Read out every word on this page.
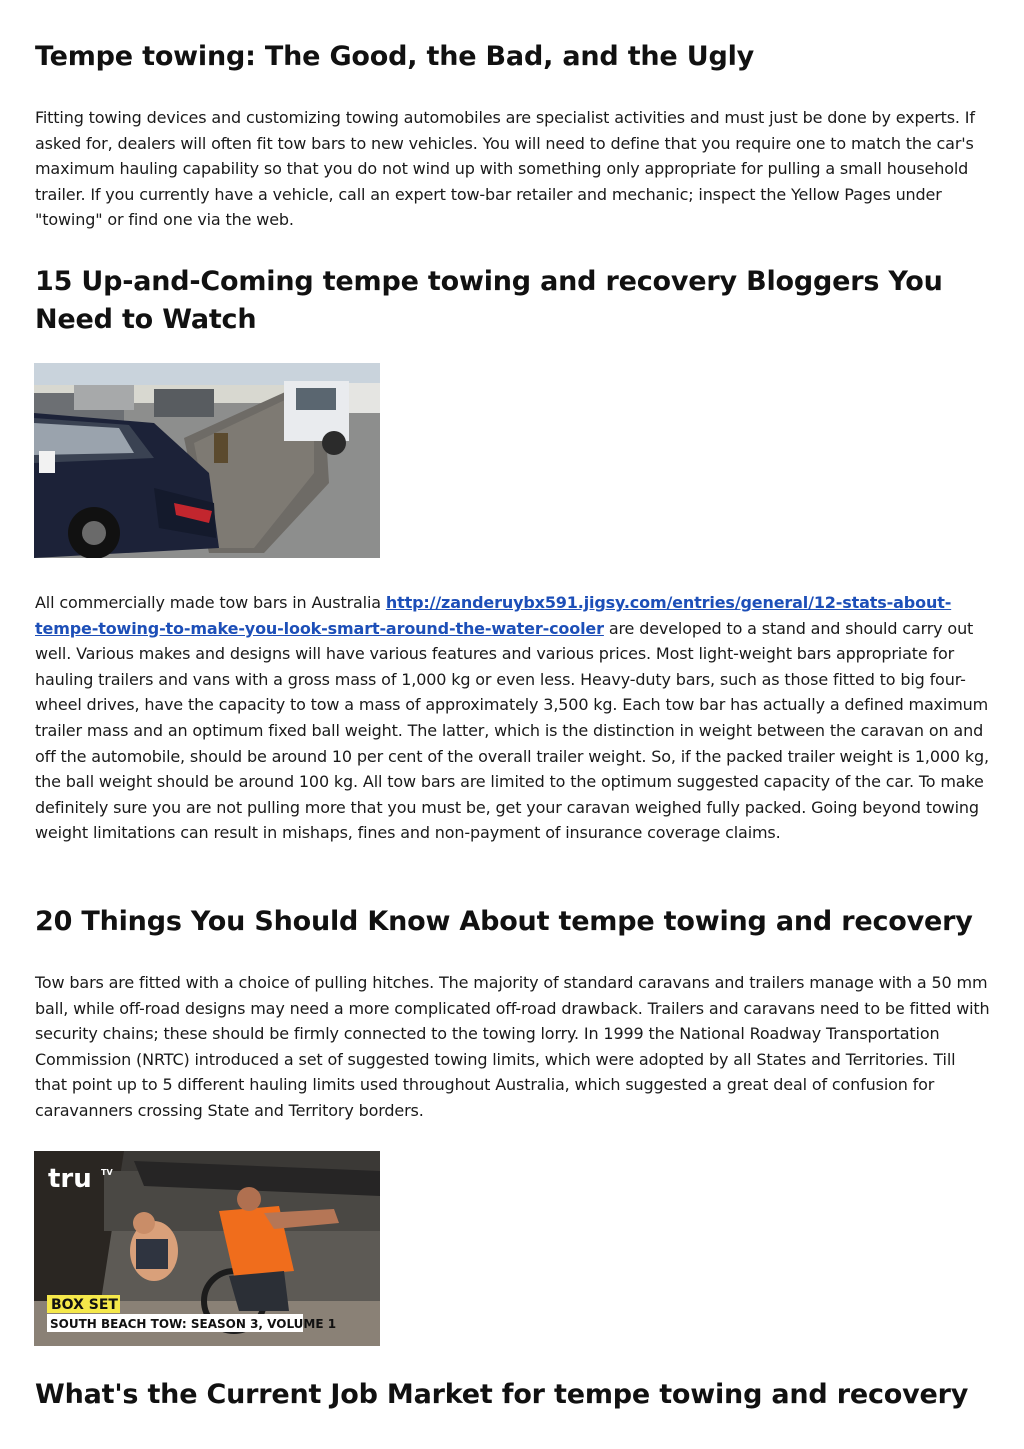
Tempe towing: The Good, the Bad, and the Ugly

Fitting towing devices and customizing towing automobiles are specialist activities and must just be done by experts. If asked for, dealers will often fit tow bars to new vehicles. You will need to define that you require one to match the car's maximum hauling capability so that you do not wind up with something only appropriate for pulling a small household trailer. If you currently have a vehicle, call an expert tow-bar retailer and mechanic; inspect the Yellow Pages under "towing" or find one via the web.

15 Up-and-Coming tempe towing and recovery Bloggers You Need to Watch

All commercially made tow bars in Australia http://zanderuybx591.jigsy.com/entries/general/12-stats-about-tempe-towing-to-make-you-look-smart-around-the-water-cooler are developed to a stand and should carry out well. Various makes and designs will have various features and various prices. Most light-weight bars appropriate for hauling trailers and vans with a gross mass of 1,000 kg or even less. Heavy-duty bars, such as those fitted to big four-wheel drives, have the capacity to tow a mass of approximately 3,500 kg. Each tow bar has actually a defined maximum trailer mass and an optimum fixed ball weight. The latter, which is the distinction in weight between the caravan on and off the automobile, should be around 10 per cent of the overall trailer weight. So, if the packed trailer weight is 1,000 kg, the ball weight should be around 100 kg. All tow bars are limited to the optimum suggested capacity of the car. To make definitely sure you are not pulling more that you must be, get your caravan weighed fully packed. Going beyond towing weight limitations can result in mishaps, fines and non-payment of insurance coverage claims.

20 Things You Should Know About tempe towing and recovery

Tow bars are fitted with a choice of pulling hitches. The majority of standard caravans and trailers manage with a 50 mm ball, while off-road designs may need a more complicated off-road drawback. Trailers and caravans need to be fitted with security chains; these should be firmly connected to the towing lorry. In 1999 the National Roadway Transportation Commission (NRTC) introduced a set of suggested towing limits, which were adopted by all States and Territories. Till that point up to 5 different hauling limits used throughout Australia, which suggested a great deal of confusion for caravanners crossing State and Territory borders.

tru TV
BOX SET
SOUTH BEACH TOW: SEASON 3, VOLUME 1
What's the Current Job Market for tempe towing and recovery
